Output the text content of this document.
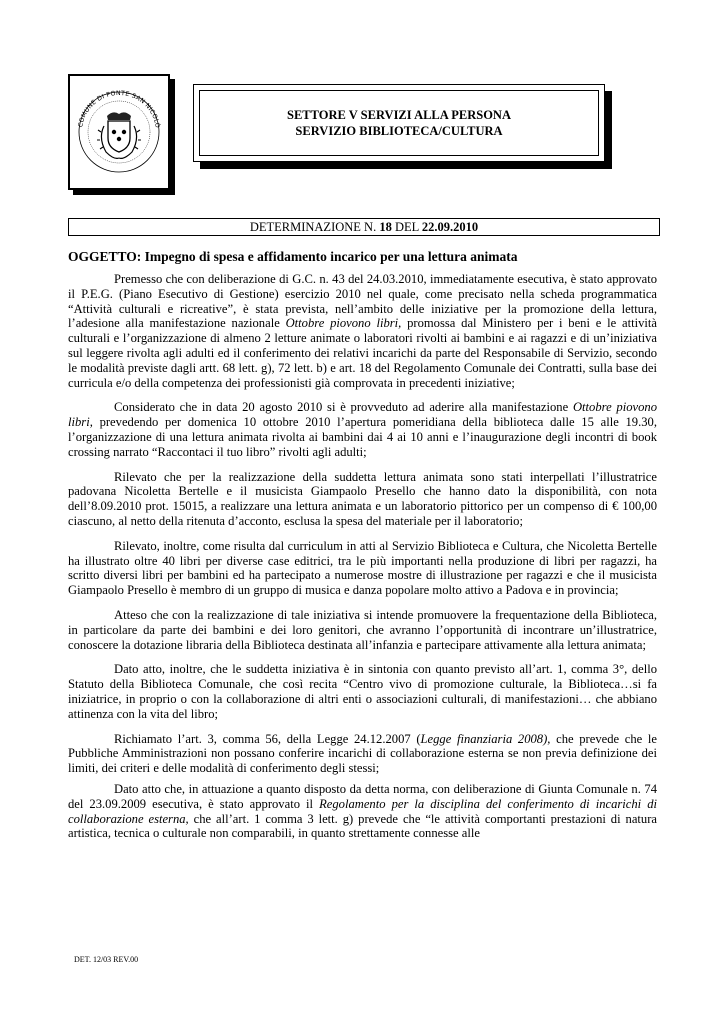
COMUNE DI PONTE SAN NICOLÒ
SETTORE V SERVIZI ALLA PERSONA
SERVIZIO BIBLIOTECA/CULTURA
DETERMINAZIONE N. 18 DEL 22.09.2010
OGGETTO: Impegno di spesa e affidamento incarico per una lettura animata

Premesso che con deliberazione di G.C. n. 43 del 24.03.2010, immediatamente esecutiva, è stato approvato il P.E.G. (Piano Esecutivo di Gestione) esercizio 2010 nel quale, come precisato nella scheda programmatica “Attività culturali e ricreative”, è stata prevista, nell’ambito delle iniziative per la promozione della lettura, l’adesione alla manifestazione nazionale Ottobre piovono libri, promossa dal Ministero per i beni e le attività culturali e l’organizzazione di almeno 2 letture animate o laboratori rivolti ai bambini e ai ragazzi e di un’iniziativa sul leggere rivolta agli adulti ed il conferimento dei relativi incarichi da parte del Responsabile di Servizio, secondo le modalità previste dagli artt. 68 lett. g), 72 lett. b) e art. 18 del Regolamento Comunale dei Contratti, sulla base dei curricula e/o della competenza dei professionisti già comprovata in precedenti iniziative;

Considerato che in data 20 agosto 2010 si è provveduto ad aderire alla manifestazione Ottobre piovono libri, prevedendo per domenica 10 ottobre 2010 l’apertura pomeridiana della biblioteca dalle 15 alle 19.30, l’organizzazione di una lettura animata rivolta ai bambini dai 4 ai 10 anni e l’inaugurazione degli incontri di book crossing narrato “Raccontaci il tuo libro” rivolti agli adulti;

Rilevato che per la realizzazione della suddetta lettura animata sono stati interpellati l’illustratrice padovana Nicoletta Bertelle e il musicista Giampaolo Presello che hanno dato la disponibilità, con nota dell’8.09.2010 prot. 15015, a realizzare una lettura animata e un laboratorio pittorico per un compenso di € 100,00 ciascuno, al netto della ritenuta d’acconto, esclusa la spesa del materiale per il laboratorio;

Rilevato, inoltre, come risulta dal curriculum in atti al Servizio Biblioteca e Cultura, che Nicoletta Bertelle ha illustrato oltre 40 libri per diverse case editrici, tra le più importanti nella produzione di libri per ragazzi, ha scritto diversi libri per bambini ed ha partecipato a numerose mostre di illustrazione per ragazzi e che il musicista Giampaolo Presello è membro di un gruppo di musica e danza popolare molto attivo a Padova e in provincia;

Atteso che con la realizzazione di tale iniziativa si intende promuovere la frequentazione della Biblioteca, in particolare da parte dei bambini e dei loro genitori, che avranno l’opportunità di incontrare un’illustratrice, conoscere la dotazione libraria della Biblioteca destinata all’infanzia e partecipare attivamente alla lettura animata;

Dato atto, inoltre, che le suddetta iniziativa è in sintonia con quanto previsto all’art. 1, comma 3°, dello Statuto della Biblioteca Comunale, che così recita “Centro vivo di promozione culturale, la Biblioteca…si fa iniziatrice, in proprio o con la collaborazione di altri enti o associazioni culturali, di manifestazioni… che abbiano attinenza con la vita del libro;

Richiamato l’art. 3, comma 56, della Legge 24.12.2007 (Legge finanziaria 2008), che prevede che le Pubbliche Amministrazioni non possano conferire incarichi di collaborazione esterna se non previa definizione dei limiti, dei criteri e delle modalità di conferimento degli stessi;

Dato atto che, in attuazione a quanto disposto da detta norma, con deliberazione di Giunta Comunale n. 74 del 23.09.2009 esecutiva, è stato approvato il Regolamento per la disciplina del conferimento di incarichi di collaborazione esterna, che all’art. 1 comma 3 lett. g) prevede che “le attività comportanti prestazioni di natura artistica, tecnica o culturale non comparabili, in quanto strettamente connesse alle

DET. 12/03 REV.00
